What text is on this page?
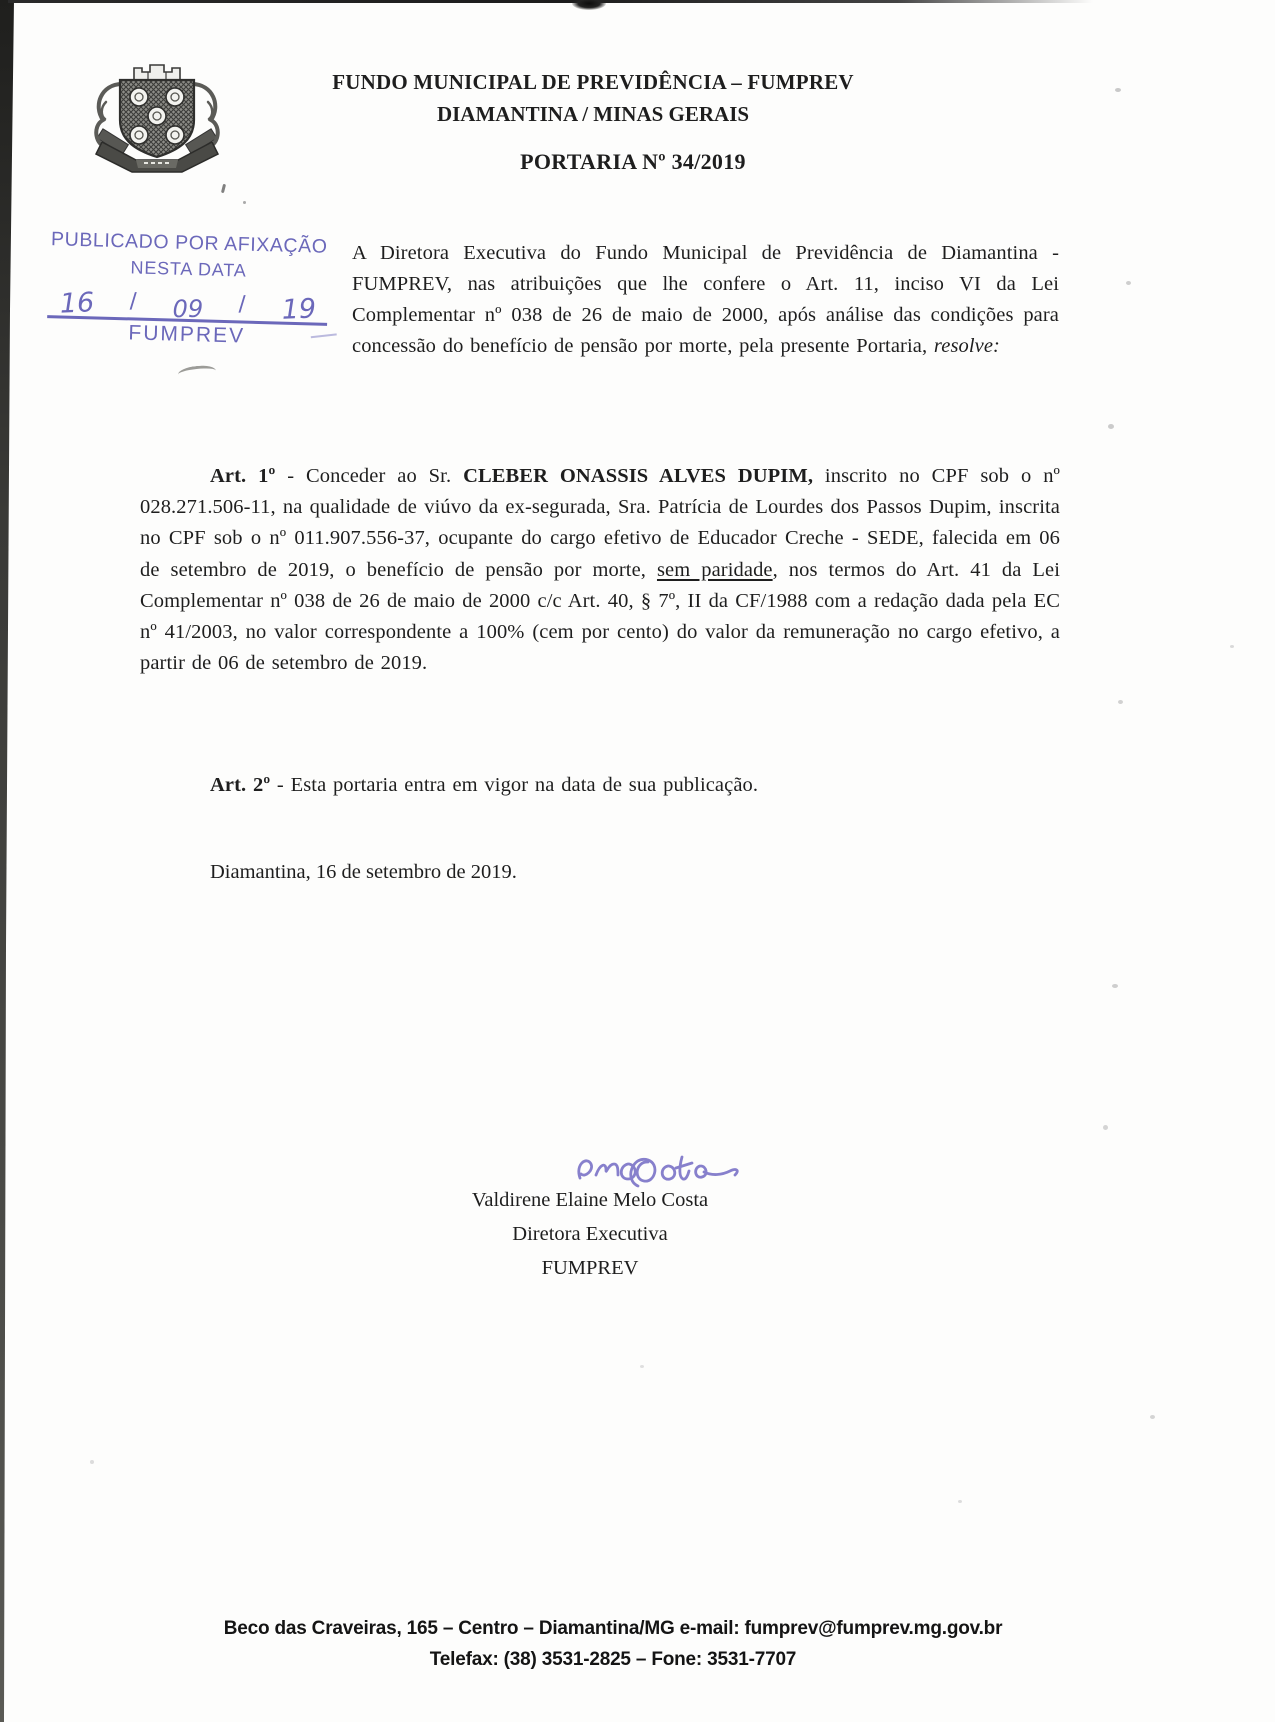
FUNDO MUNICIPAL DE PREVIDÊNCIA – FUMPREV
DIAMANTINA / MINAS GERAIS
PORTARIA Nº 34/2019
PUBLICADO POR AFIXAÇÃO
NESTA DATA
16 / 09 / 19
FUMPREV

A Diretora Executiva do Fundo Municipal de Previdência de Diamantina - FUMPREV, nas atribuições que lhe confere o Art. 11, inciso VI da Lei Complementar nº 038 de 26 de maio de 2000, após análise das condições para concessão do benefício de pensão por morte, pela presente Portaria, resolve:

Art. 1º - Conceder ao Sr. CLEBER ONASSIS ALVES DUPIM, inscrito no CPF sob o nº 028.271.506-11, na qualidade de viúvo da ex-segurada, Sra. Patrícia de Lourdes dos Passos Dupim, inscrita no CPF sob o nº 011.907.556-37, ocupante do cargo efetivo de Educador Creche - SEDE, falecida em 06 de setembro de 2019, o benefício de pensão por morte, sem paridade, nos termos do Art. 41 da Lei Complementar nº 038 de 26 de maio de 2000 c/c Art. 40, § 7º, II da CF/1988 com a redação dada pela EC nº 41/2003, no valor correspondente a 100% (cem por cento) do valor da remuneração no cargo efetivo, a partir de 06 de setembro de 2019.

Art. 2º - Esta portaria entra em vigor na data de sua publicação.

Diamantina, 16 de setembro de 2019.
Valdirene Elaine Melo Costa
Diretora Executiva
FUMPREV
Beco das Craveiras, 165 – Centro – Diamantina/MG e-mail: fumprev@fumprev.mg.gov.br
Telefax: (38) 3531-2825 – Fone: 3531-7707
